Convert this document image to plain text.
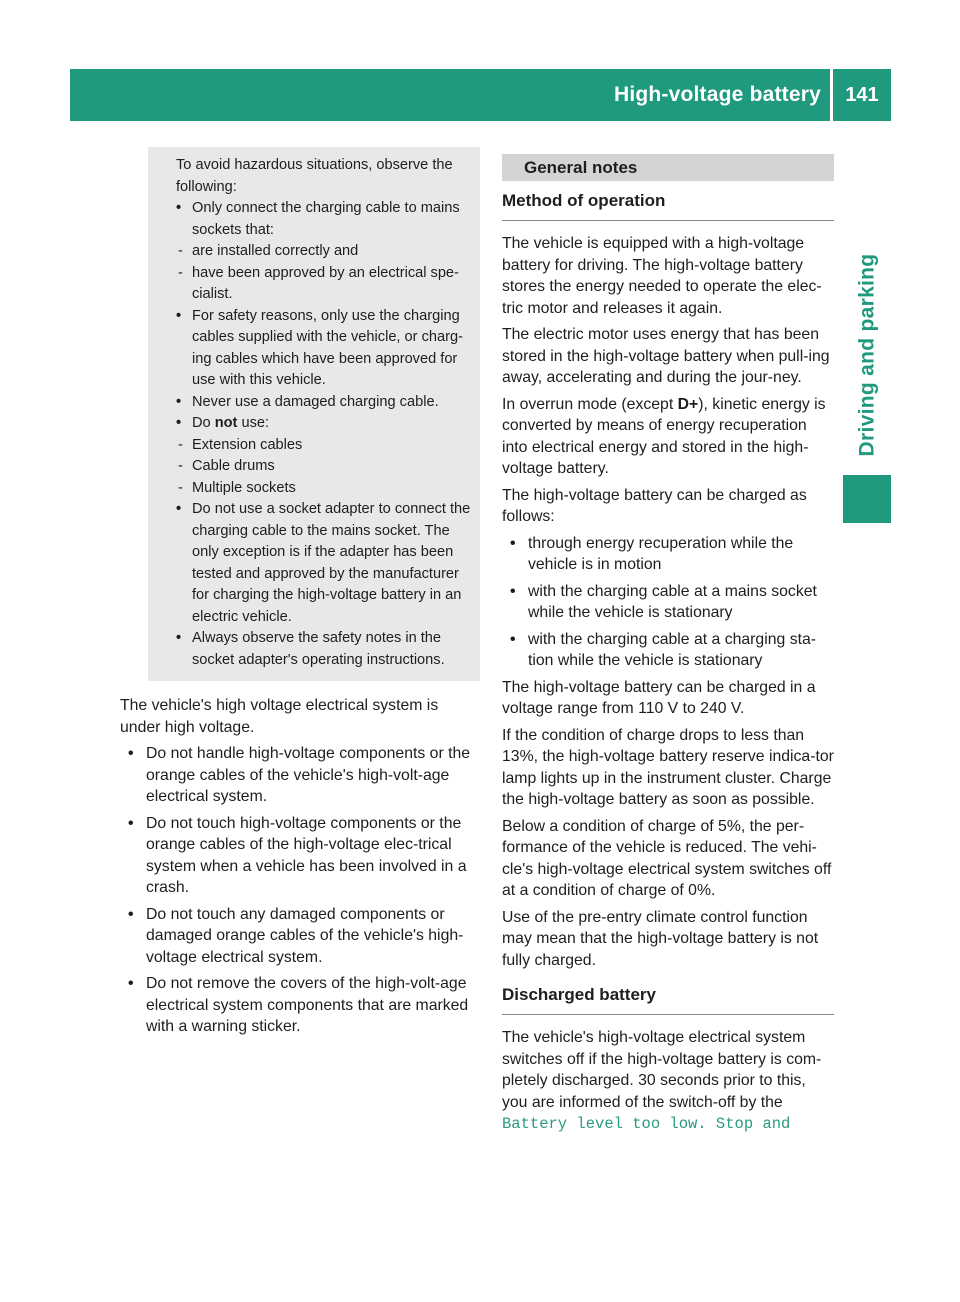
High-voltage battery	141
Driving and parking

To avoid hazardous situations, observe the following:

• Only connect the charging cable to mains sockets that:

- are installed correctly and

- have been approved by an electrical spe-cialist.

• For safety reasons, only use the charging cables supplied with the vehicle, or charg-ing cables which have been approved for use with this vehicle.

• Never use a damaged charging cable.

• Do not use:

- Extension cables

- Cable drums

- Multiple sockets

• Do not use a socket adapter to connect the charging cable to the mains socket. The only exception is if the adapter has been tested and approved by the manufacturer for charging the high-voltage battery in an electric vehicle.

• Always observe the safety notes in the socket adapter's operating instructions.

The vehicle's high voltage electrical system is under high voltage.

• Do not handle high-voltage components or the orange cables of the vehicle's high-volt-age electrical system.

• Do not touch high-voltage components or the orange cables of the high-voltage elec-trical system when a vehicle has been involved in a crash.

• Do not touch any damaged components or damaged orange cables of the vehicle's high-voltage electrical system.

• Do not remove the covers of the high-volt-age electrical system components that are marked with a warning sticker.

General notes
Method of operation

The vehicle is equipped with a high-voltage battery for driving. The high-voltage battery stores the energy needed to operate the elec-tric motor and releases it again.

The electric motor uses energy that has been stored in the high-voltage battery when pull-ing away, accelerating and during the jour-ney.

In overrun mode (except D+), kinetic energy is converted by means of energy recuperation into electrical energy and stored in the high-voltage battery.

The high-voltage battery can be charged as follows:

• through energy recuperation while the vehicle is in motion

• with the charging cable at a mains socket while the vehicle is stationary

• with the charging cable at a charging sta-tion while the vehicle is stationary

The high-voltage battery can be charged in a voltage range from 110 V to 240 V.

If the condition of charge drops to less than 13%, the high-voltage battery reserve indica-tor lamp lights up in the instrument cluster. Charge the high-voltage battery as soon as possible.

Below a condition of charge of 5%, the per-formance of the vehicle is reduced. The vehi-cle's high-voltage electrical system switches off at a condition of charge of 0%.

Use of the pre-entry climate control function may mean that the high-voltage battery is not fully charged.

Discharged battery

The vehicle's high-voltage electrical system switches off if the high-voltage battery is com-pletely discharged. 30 seconds prior to this, you are informed of the switch-off by the

Battery level too low. Stop and
